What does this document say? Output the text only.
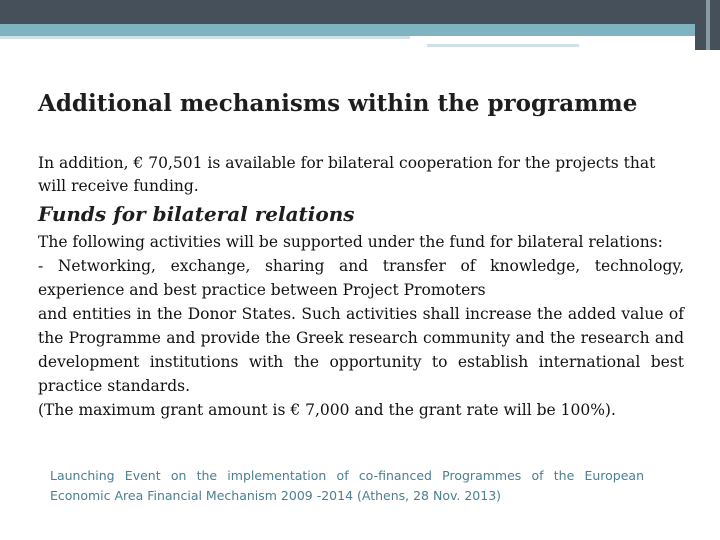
Additional mechanisms within the programme

In addition, € 70,501 is available for bilateral cooperation for the projects that will receive funding.

Funds for bilateral relations

The following activities will be supported under the fund for bilateral relations:

- Networking, exchange, sharing and transfer of knowledge, technology, experience and best practice between Project Promoters

and entities in the Donor States. Such activities shall increase the added value of the Programme and provide the Greek research community and the research and development institutions with the opportunity to establish international best practice standards.

(The maximum grant amount is € 7,000 and the grant rate will be 100%).

Launching Event on the implementation of co-financed Programmes of the European Economic Area Financial Mechanism 2009 -2014 (Athens, 28 Nov. 2013)
